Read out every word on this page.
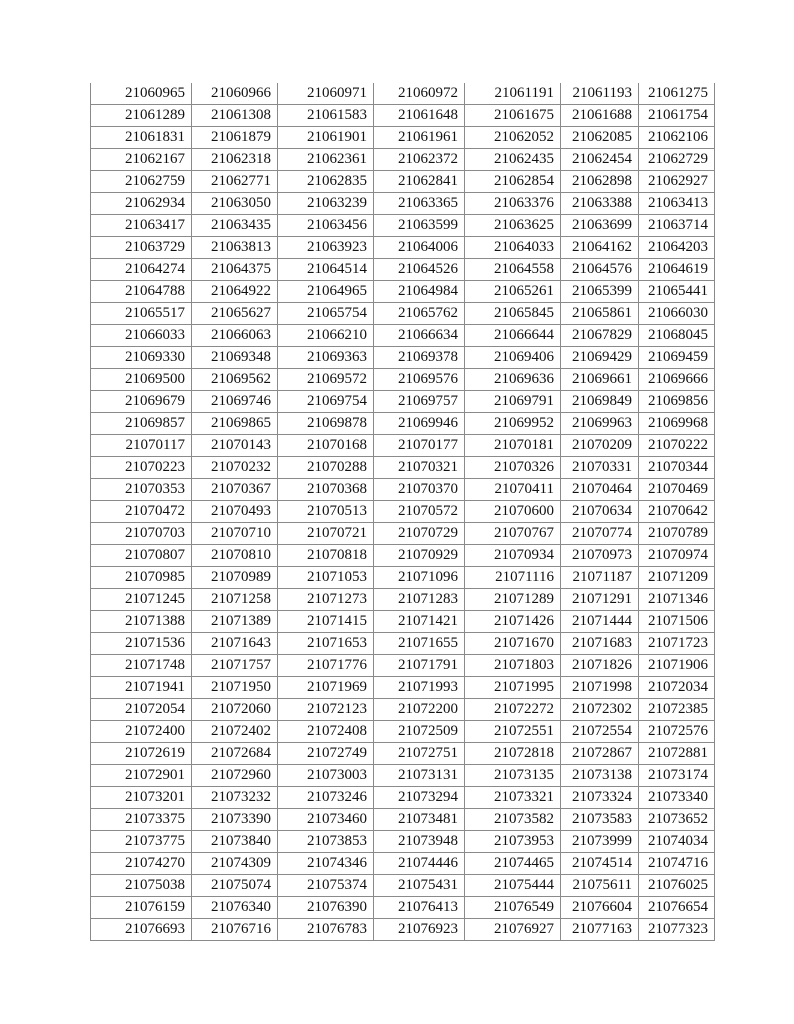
21060965	21060966	21060971	21060972	21061191	21061193	21061275
21061289	21061308	21061583	21061648	21061675	21061688	21061754
21061831	21061879	21061901	21061961	21062052	21062085	21062106
21062167	21062318	21062361	21062372	21062435	21062454	21062729
21062759	21062771	21062835	21062841	21062854	21062898	21062927
21062934	21063050	21063239	21063365	21063376	21063388	21063413
21063417	21063435	21063456	21063599	21063625	21063699	21063714
21063729	21063813	21063923	21064006	21064033	21064162	21064203
21064274	21064375	21064514	21064526	21064558	21064576	21064619
21064788	21064922	21064965	21064984	21065261	21065399	21065441
21065517	21065627	21065754	21065762	21065845	21065861	21066030
21066033	21066063	21066210	21066634	21066644	21067829	21068045
21069330	21069348	21069363	21069378	21069406	21069429	21069459
21069500	21069562	21069572	21069576	21069636	21069661	21069666
21069679	21069746	21069754	21069757	21069791	21069849	21069856
21069857	21069865	21069878	21069946	21069952	21069963	21069968
21070117	21070143	21070168	21070177	21070181	21070209	21070222
21070223	21070232	21070288	21070321	21070326	21070331	21070344
21070353	21070367	21070368	21070370	21070411	21070464	21070469
21070472	21070493	21070513	21070572	21070600	21070634	21070642
21070703	21070710	21070721	21070729	21070767	21070774	21070789
21070807	21070810	21070818	21070929	21070934	21070973	21070974
21070985	21070989	21071053	21071096	21071116	21071187	21071209
21071245	21071258	21071273	21071283	21071289	21071291	21071346
21071388	21071389	21071415	21071421	21071426	21071444	21071506
21071536	21071643	21071653	21071655	21071670	21071683	21071723
21071748	21071757	21071776	21071791	21071803	21071826	21071906
21071941	21071950	21071969	21071993	21071995	21071998	21072034
21072054	21072060	21072123	21072200	21072272	21072302	21072385
21072400	21072402	21072408	21072509	21072551	21072554	21072576
21072619	21072684	21072749	21072751	21072818	21072867	21072881
21072901	21072960	21073003	21073131	21073135	21073138	21073174
21073201	21073232	21073246	21073294	21073321	21073324	21073340
21073375	21073390	21073460	21073481	21073582	21073583	21073652
21073775	21073840	21073853	21073948	21073953	21073999	21074034
21074270	21074309	21074346	21074446	21074465	21074514	21074716
21075038	21075074	21075374	21075431	21075444	21075611	21076025
21076159	21076340	21076390	21076413	21076549	21076604	21076654
21076693	21076716	21076783	21076923	21076927	21077163	21077323
